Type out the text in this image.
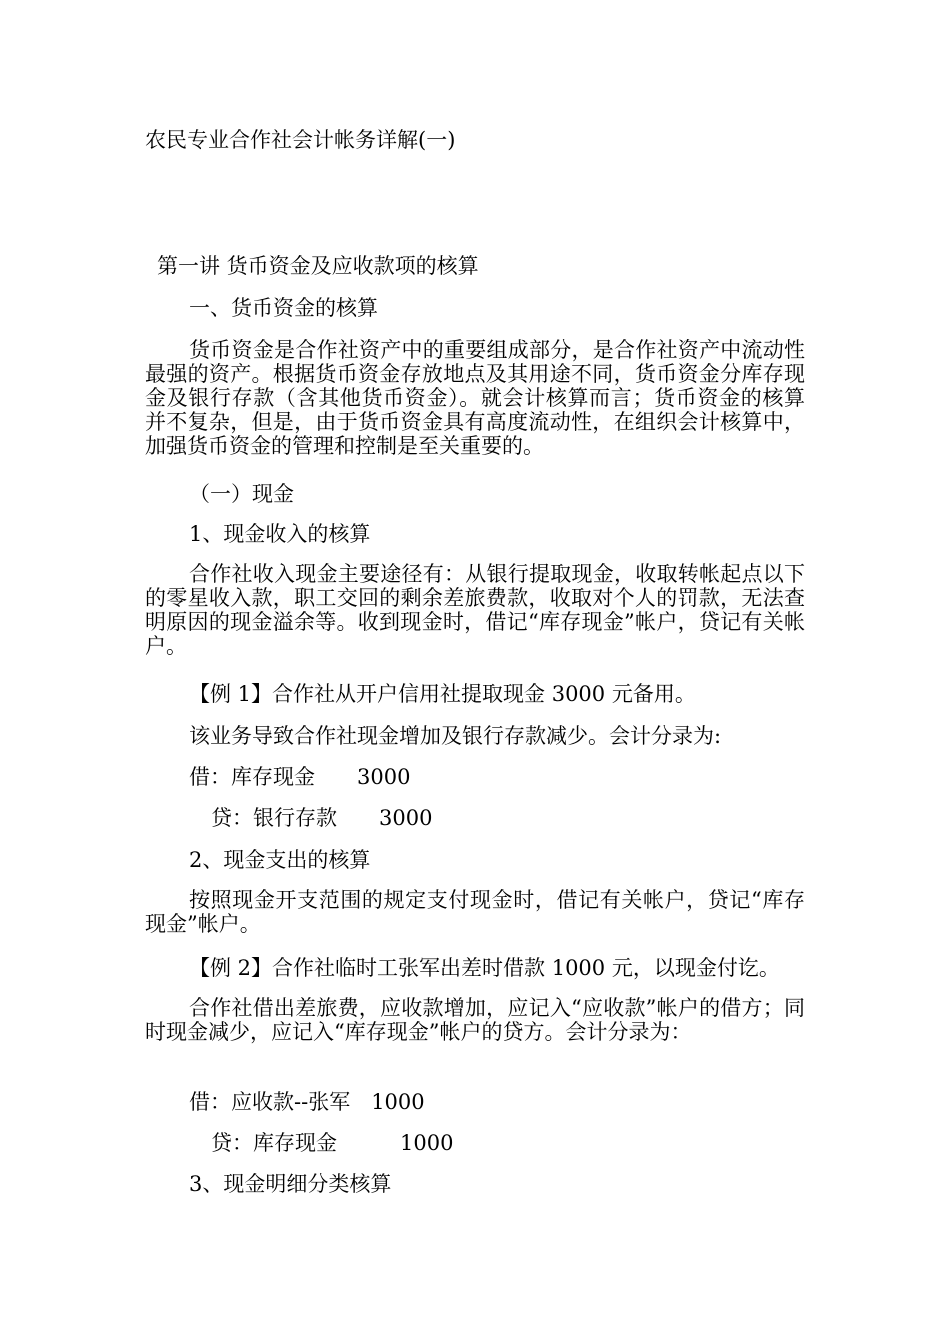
农民专业合作社会计帐务详解(一)
第一讲 货币资金及应收款项的核算
一、货币资金的核算
货币资金是合作社资产中的重要组成部分，是合作社资产中流动性最强的资产。根据货币资金存放地点及其用途不同，货币资金分库存现金及银行存款（含其他货币资金）。就会计核算而言；货币资金的核算并不复杂，但是，由于货币资金具有高度流动性，在组织会计核算中，加强货币资金的管理和控制是至关重要的。
（一）现金
1、现金收入的核算
合作社收入现金主要途径有：从银行提取现金，收取转帐起点以下的零星收入款，职工交回的剩余差旅费款，收取对个人的罚款，无法查明原因的现金溢余等。收到现金时，借记“库存现金”帐户，贷记有关帐户。
【例 1】合作社从开户信用社提取现金 3000 元备用。
该业务导致合作社现金增加及银行存款减少。会计分录为:
借：库存现金　　3000
贷：银行存款　　3000
2、现金支出的核算
按照现金开支范围的规定支付现金时，借记有关帐户，贷记“库存现金”帐户。
【例 2】合作社临时工张军出差时借款 1000 元，以现金付讫。
合作社借出差旅费，应收款增加，应记入“应收款”帐户的借方；同时现金减少，应记入“库存现金”帐户的贷方。会计分录为：
借：应收款--张军　1000
贷：库存现金　　　1000
3、现金明细分类核算
